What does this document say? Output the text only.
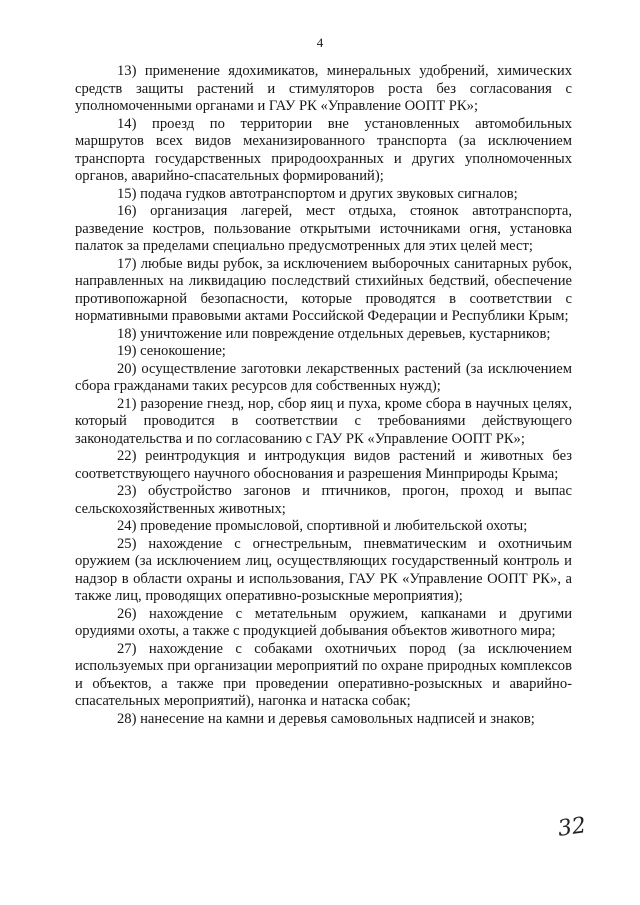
4

13) применение ядохимикатов, минеральных удобрений, химических средств защиты растений и стимуляторов роста без согласования с уполномоченными органами и ГАУ РК «Управление ООПТ РК»;

14) проезд по территории вне установленных автомобильных маршрутов всех видов механизированного транспорта (за исключением транспорта государственных природоохранных и других уполномоченных органов, аварийно-спасательных формирований);

15) подача гудков автотранспортом и других звуковых сигналов;

16) организация лагерей, мест отдыха, стоянок автотранспорта, разведение костров, пользование открытыми источниками огня, установка палаток за пределами специально предусмотренных для этих целей мест;

17) любые виды рубок, за исключением выборочных санитарных рубок, направленных на ликвидацию последствий стихийных бедствий, обеспечение противопожарной безопасности, которые проводятся в соответствии с нормативными правовыми актами Российской Федерации и Республики Крым;

18) уничтожение или повреждение отдельных деревьев, кустарников;

19) сенокошение;

20) осуществление заготовки лекарственных растений (за исключением сбора гражданами таких ресурсов для собственных нужд);

21) разорение гнезд, нор, сбор яиц и пуха, кроме сбора в научных целях, который проводится в соответствии с требованиями действующего законодательства и по согласованию с ГАУ РК «Управление ООПТ РК»;

22) реинтродукция и интродукция видов растений и животных без соответствующего научного обоснования и разрешения Минприроды Крыма;

23) обустройство загонов и птичников, прогон, проход и выпас сельскохозяйственных животных;

24) проведение промысловой, спортивной и любительской охоты;

25) нахождение с огнестрельным, пневматическим и охотничьим оружием (за исключением лиц, осуществляющих государственный контроль и надзор в области охраны и использования, ГАУ РК «Управление ООПТ РК», а также лиц, проводящих оперативно-розыскные мероприятия);

26) нахождение с метательным оружием, капканами и другими орудиями охоты, а также с продукцией добывания объектов животного мира;

27) нахождение с собаками охотничьих пород (за исключением используемых при организации мероприятий по охране природных комплексов и объектов, а также при проведении оперативно-розыскных и аварийно-спасательных мероприятий), нагонка и натаска собак;

28) нанесение на камни и деревья самовольных надписей и знаков;

32
